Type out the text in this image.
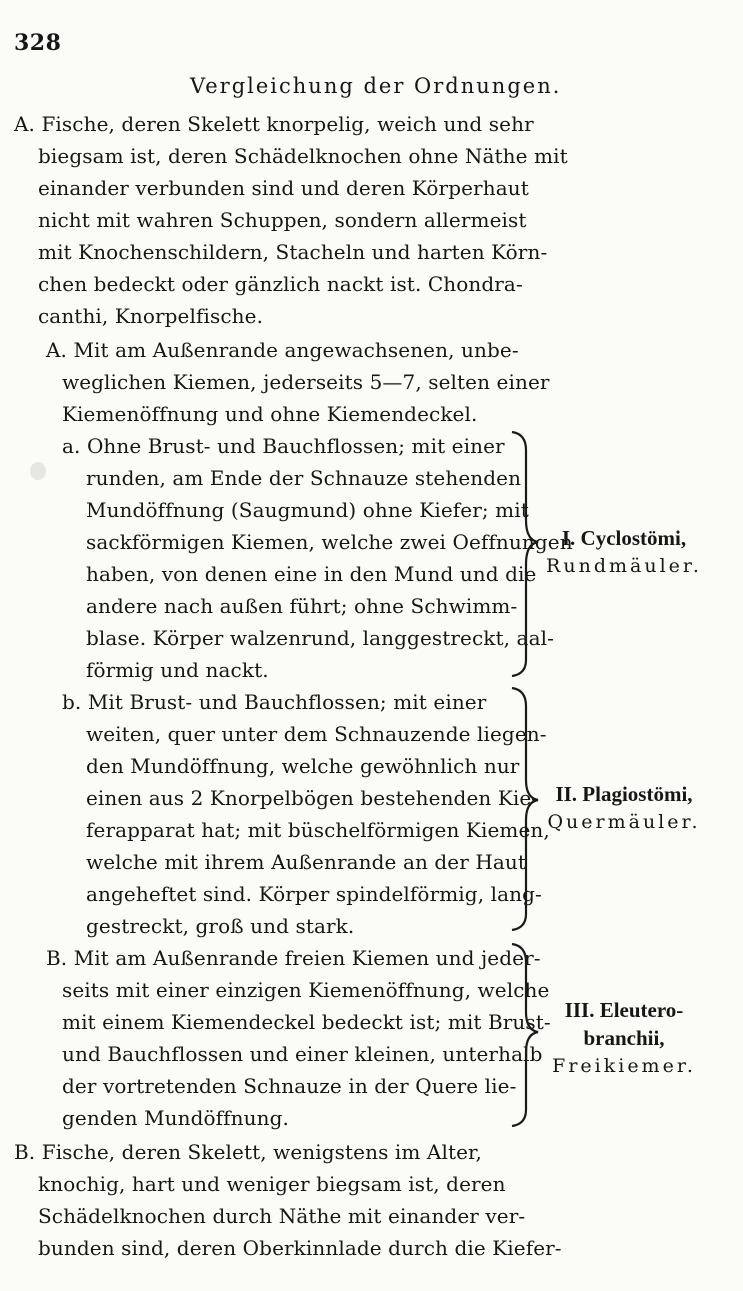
328
Vergleichung der Ordnungen.
A. Fische, deren Skelett knorpelig, weich und sehr
biegsam ist, deren Schädelknochen ohne Näthe mit
einander verbunden sind und deren Körperhaut
nicht mit wahren Schuppen, sondern allermeist
mit Knochenschildern, Stacheln und harten Körn-
chen bedeckt oder gänzlich nackt ist. Chondra-
canthi, Knorpelfische.
A. Mit am Außenrande angewachsenen, unbe-
weglichen Kiemen, jederseits 5—7, selten einer
Kiemenöffnung und ohne Kiemendeckel.
a. Ohne Brust- und Bauchflossen; mit einer
runden, am Ende der Schnauze stehenden
Mundöffnung (Saugmund) ohne Kiefer; mit
sackförmigen Kiemen, welche zwei Oeffnungen
haben, von denen eine in den Mund und die
andere nach außen führt; ohne Schwimm-
blase. Körper walzenrund, langgestreckt, aal-
förmig und nackt.
b. Mit Brust- und Bauchflossen; mit einer
weiten, quer unter dem Schnauzende liegen-
den Mundöffnung, welche gewöhnlich nur
einen aus 2 Knorpelbögen bestehenden Kie-
ferapparat hat; mit büschelförmigen Kiemen,
welche mit ihrem Außenrande an der Haut
angeheftet sind. Körper spindelförmig, lang-
gestreckt, groß und stark.
B. Mit am Außenrande freien Kiemen und jeder-
seits mit einer einzigen Kiemenöffnung, welche
mit einem Kiemendeckel bedeckt ist; mit Brust-
und Bauchflossen und einer kleinen, unterhalb
der vortretenden Schnauze in der Quere lie-
genden Mundöffnung.
B. Fische, deren Skelett, wenigstens im Alter,
knochig, hart und weniger biegsam ist, deren
Schädelknochen durch Näthe mit einander ver-
bunden sind, deren Oberkinnlade durch die Kiefer-
I. Cyclostömi,
Rundmäuler.
II. Plagiostömi,
Quermäuler.
III. Eleutero-
branchii,
Freikiemer.
